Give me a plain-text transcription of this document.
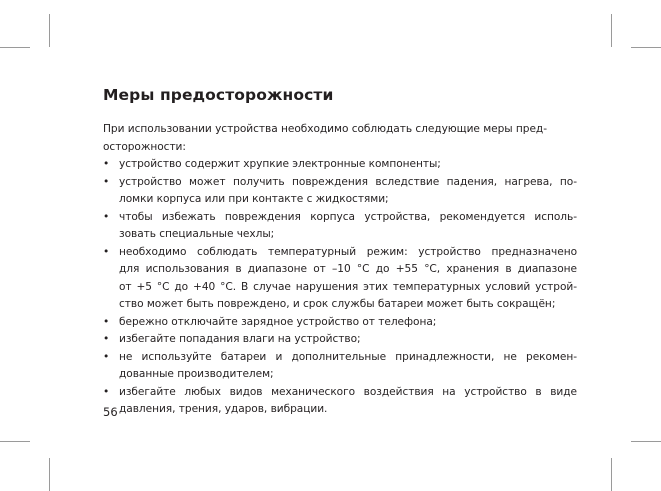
Меры предосторожности

При использовании устройства необходимо соблюдать следующие меры пред-
осторожности:

• устройство содержит хрупкие электронные компоненты;
• устройство может получить повреждения вследствие падения, нагрева, по-
ломки корпуса или при контакте с жидкостями;
• чтобы избежать повреждения корпуса устройства, рекомендуется исполь-
зовать специальные чехлы;
• необходимо соблюдать температурный режим: устройство предназначено
для использования в диапазоне от –10 °С до +55 °С, хранения в диапазоне
от +5 °С до +40 °С. В случае нарушения этих температурных условий устрой-
ство может быть повреждено, и срок службы батареи может быть сокращён;
• бережно отключайте зарядное устройство от телефона;
• избегайте попадания влаги на устройство;
• не используйте батареи и дополнительные принадлежности, не рекомен-
дованные производителем;
• избегайте любых видов механического воздействия на устройство в виде
давления, трения, ударов, вибрации.
56
